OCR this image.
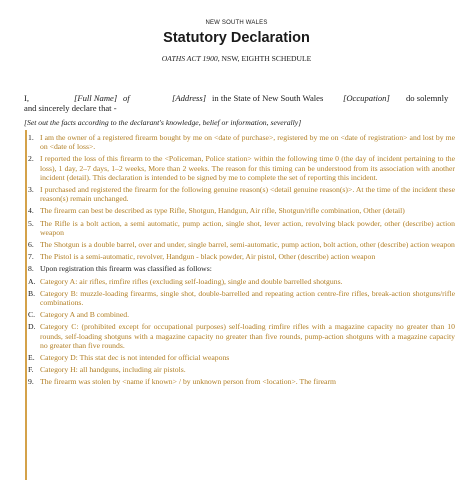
NEW SOUTH WALES
Statutory Declaration
OATHS ACT 1900, NSW, EIGHTH SCHEDULE
I,	[Full Name] of	[Address] in the State of New South Wales [Occupation] do solemnly
and sincerely declare that -
[Set out the facts according to the declarant's knowledge, belief or information, severally]
1. I am the owner of a registered firearm bought by me on <date of purchase>, registered by me on <date of registration> and lost by me on <date of loss>.
2. I reported the loss of this firearm to the <Policeman, Police station> within the following time 0 (the day of incident pertaining to the loss), 1 day, 2–7 days, 1–2 weeks, More than 2 weeks. The reason for this timing can be understood from its association with another incident (detail). This declaration is intended to be signed by me to complete the set of reporting this incident.
3. I purchased and registered the firearm for the following genuine reason(s) <detail genuine reason(s)>. At the time of the incident these reason(s) remain unchanged.
4. The firearm can best be described as type Rifle, Shotgun, Handgun, Air rifle, Shotgun/rifle combination, Other (detail)
5. The Rifle is a bolt action, a semi automatic, pump action, single shot, lever action, revolving black powder, other (describe) action weapon
6. The Shotgun is a double barrel, over and under, single barrel, semi-automatic, pump action, bolt action, other (describe) action weapon
7. The Pistol is a semi-automatic, revolver, Handgun - black powder, Air pistol, Other (describe) action weapon
8. Upon registration this firearm was classified as follows:
A. Category A: air rifles, rimfire rifles (excluding self-loading), single and double barrelled shotguns.
B. Category B: muzzle-loading firearms, single shot, double-barrelled and repeating action centre-fire rifles, break-action shotguns/rifle combinations.
C. Category A and B combined.
D. Category C: (prohibited except for occupational purposes) self-loading rimfire rifles with a magazine capacity no greater than 10 rounds, self-loading shotguns with a magazine capacity no greater than five rounds, pump-action shotguns with a magazine capacity no greater than five rounds.
E. Category D: This stat dec is not intended for official weapons
F. Category H: all handguns, including air pistols.
9. The firearm was stolen by <name if known> / by unknown person from <location>. The firearm
